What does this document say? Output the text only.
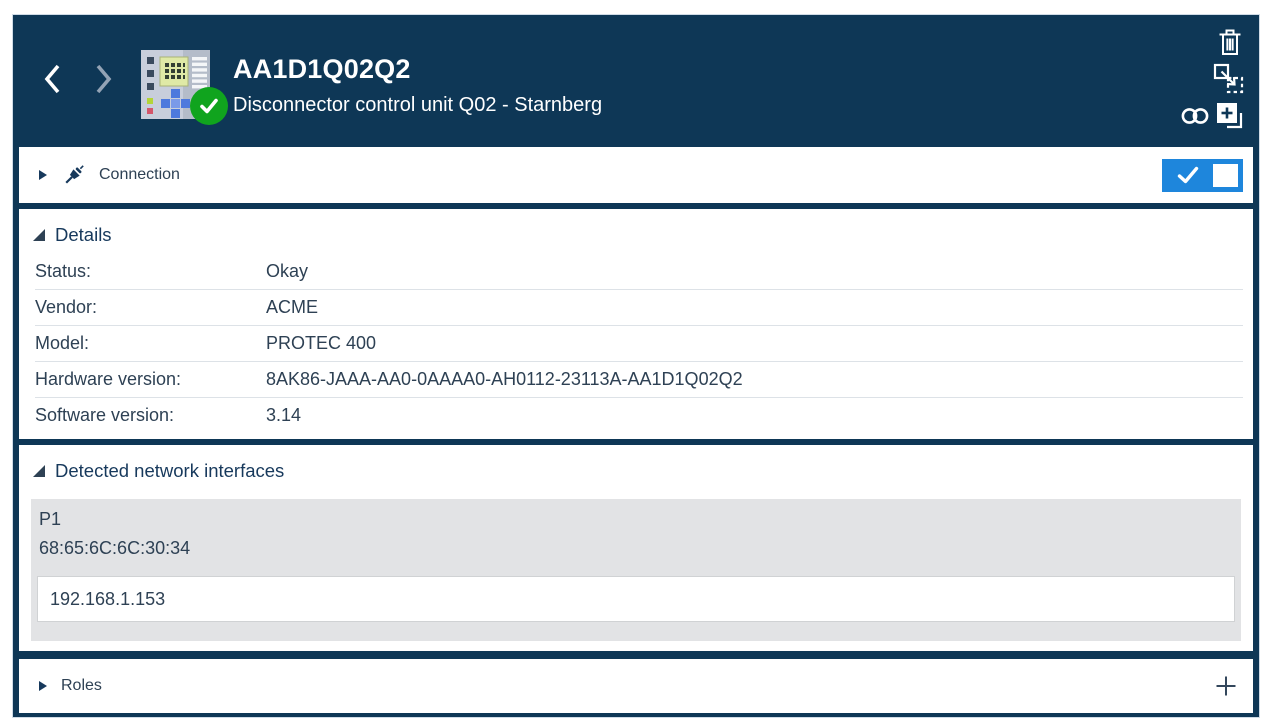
AA1D1Q02Q2
Disconnector control unit Q02 - Starnberg
Connection
Details
Status:	Okay
Vendor:	ACME
Model:	PROTEC 400
Hardware version:	8AK86-JAAA-AA0-0AAAA0-AH0112-23113A-AA1D1Q02Q2
Software version:	3.14
Detected network interfaces
P1
68:65:6C:6C:30:34
192.168.1.153
Roles
